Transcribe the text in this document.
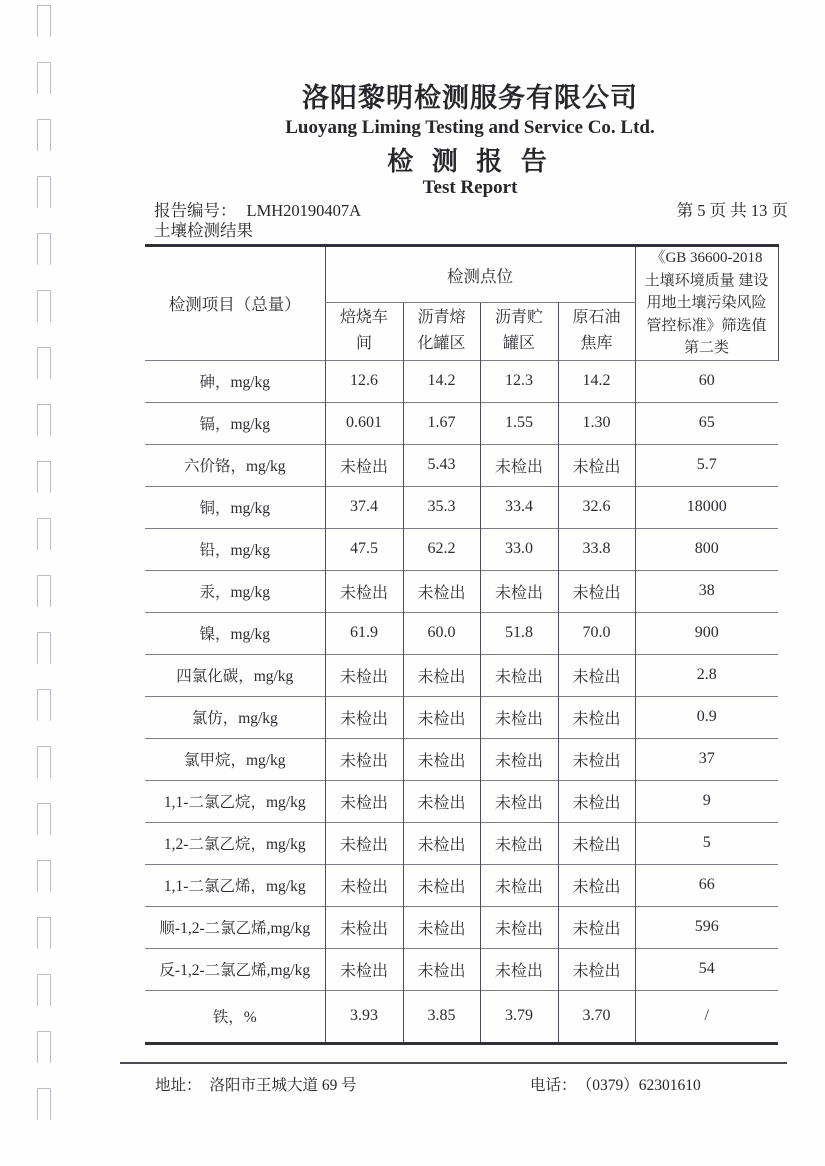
洛阳黎明检测服务有限公司
Luoyang Liming Testing and Service Co. Ltd.
检 测 报 告
Test Report
报告编号： LMH20190407A	第 5 页 共 13 页
土壤检测结果
检测项目（总量）	检测点位				《GB 36600-2018 土壤环境质量 建设用地土壤污染风险管控标准》筛选值第二类
	焙烧车间	沥青熔化罐区	沥青贮罐区	原石油焦库	
砷，mg/kg	12.6	14.2	12.3	14.2	60
镉，mg/kg	0.601	1.67	1.55	1.30	65
六价铬，mg/kg	未检出	5.43	未检出	未检出	5.7
铜，mg/kg	37.4	35.3	33.4	32.6	18000
铅，mg/kg	47.5	62.2	33.0	33.8	800
汞，mg/kg	未检出	未检出	未检出	未检出	38
镍，mg/kg	61.9	60.0	51.8	70.0	900
四氯化碳，mg/kg	未检出	未检出	未检出	未检出	2.8
氯仿，mg/kg	未检出	未检出	未检出	未检出	0.9
氯甲烷，mg/kg	未检出	未检出	未检出	未检出	37
1,1-二氯乙烷，mg/kg	未检出	未检出	未检出	未检出	9
1,2-二氯乙烷，mg/kg	未检出	未检出	未检出	未检出	5
1,1-二氯乙烯，mg/kg	未检出	未检出	未检出	未检出	66
顺-1,2-二氯乙烯,mg/kg	未检出	未检出	未检出	未检出	596
反-1,2-二氯乙烯,mg/kg	未检出	未检出	未检出	未检出	54
铁，%	3.93	3.85	3.79	3.70	/
地址： 洛阳市王城大道 69 号	电话： （0379）62301610
